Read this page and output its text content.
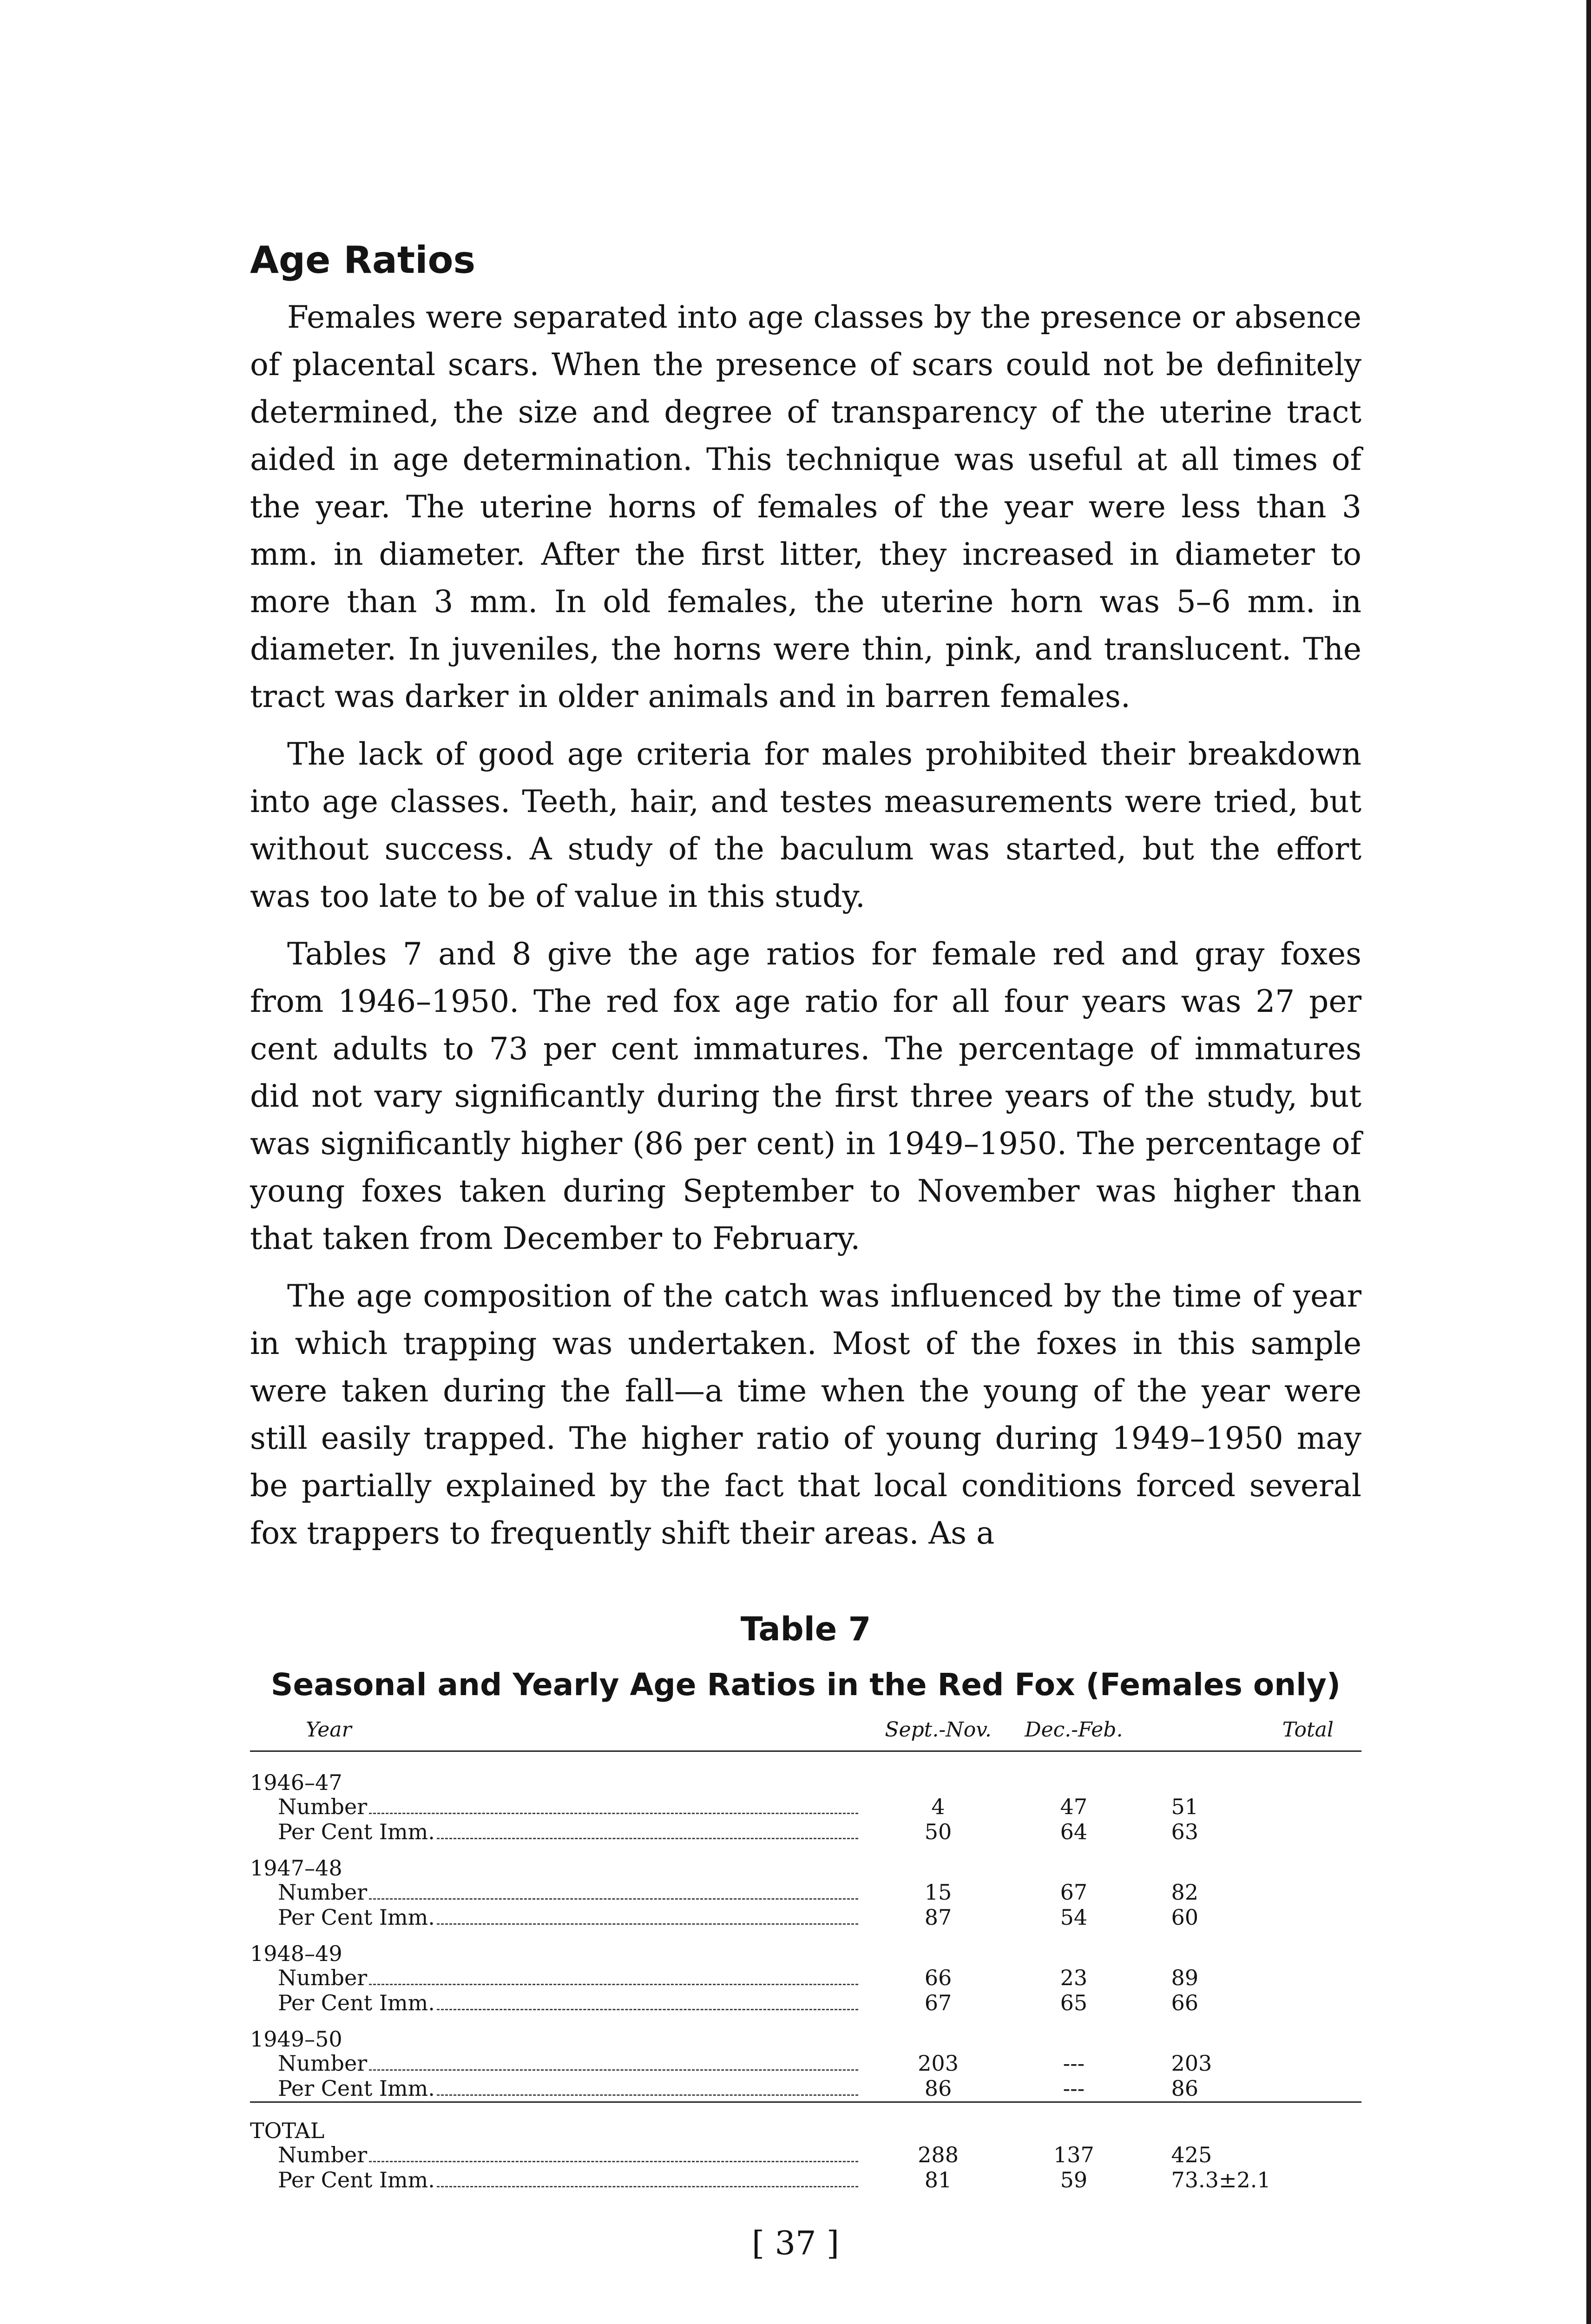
Age Ratios

Females were separated into age classes by the presence or absence of placental scars. When the presence of scars could not be definitely determined, the size and degree of transparency of the uterine tract aided in age determination. This technique was useful at all times of the year. The uterine horns of females of the year were less than 3 mm. in diameter. After the first litter, they increased in diameter to more than 3 mm. In old females, the uterine horn was 5–6 mm. in diameter. In juveniles, the horns were thin, pink, and translucent. The tract was darker in older animals and in barren females.

The lack of good age criteria for males prohibited their breakdown into age classes. Teeth, hair, and testes measurements were tried, but without success. A study of the baculum was started, but the effort was too late to be of value in this study.

Tables 7 and 8 give the age ratios for female red and gray foxes from 1946–1950. The red fox age ratio for all four years was 27 per cent adults to 73 per cent immatures. The percentage of immatures did not vary significantly during the first three years of the study, but was significantly higher (86 per cent) in 1949–1950. The percentage of young foxes taken during September to November was higher than that taken from December to February.

The age composition of the catch was influenced by the time of year in which trapping was undertaken. Most of the foxes in this sample were taken during the fall—a time when the young of the year were still easily trapped. The higher ratio of young during 1949–1950 may be partially explained by the fact that local conditions forced several fox trappers to frequently shift their areas. As a

Table 7
Seasonal and Yearly Age Ratios in the Red Fox (Females only)
Year	Sept.-Nov.	Dec.-Feb.	Total
1946–47			

Number	4	47	51

Per Cent Imm.	50	64	63
1947–48			

Number	15	67	82

Per Cent Imm.	87	54	60
1948–49			

Number	66	23	89

Per Cent Imm.	67	65	66
1949–50			

Number	203	---	203

Per Cent Imm.	86	---	86
TOTAL			

Number	288	137	425

Per Cent Imm.	81	59	73.3±2.1
[ 37 ]
